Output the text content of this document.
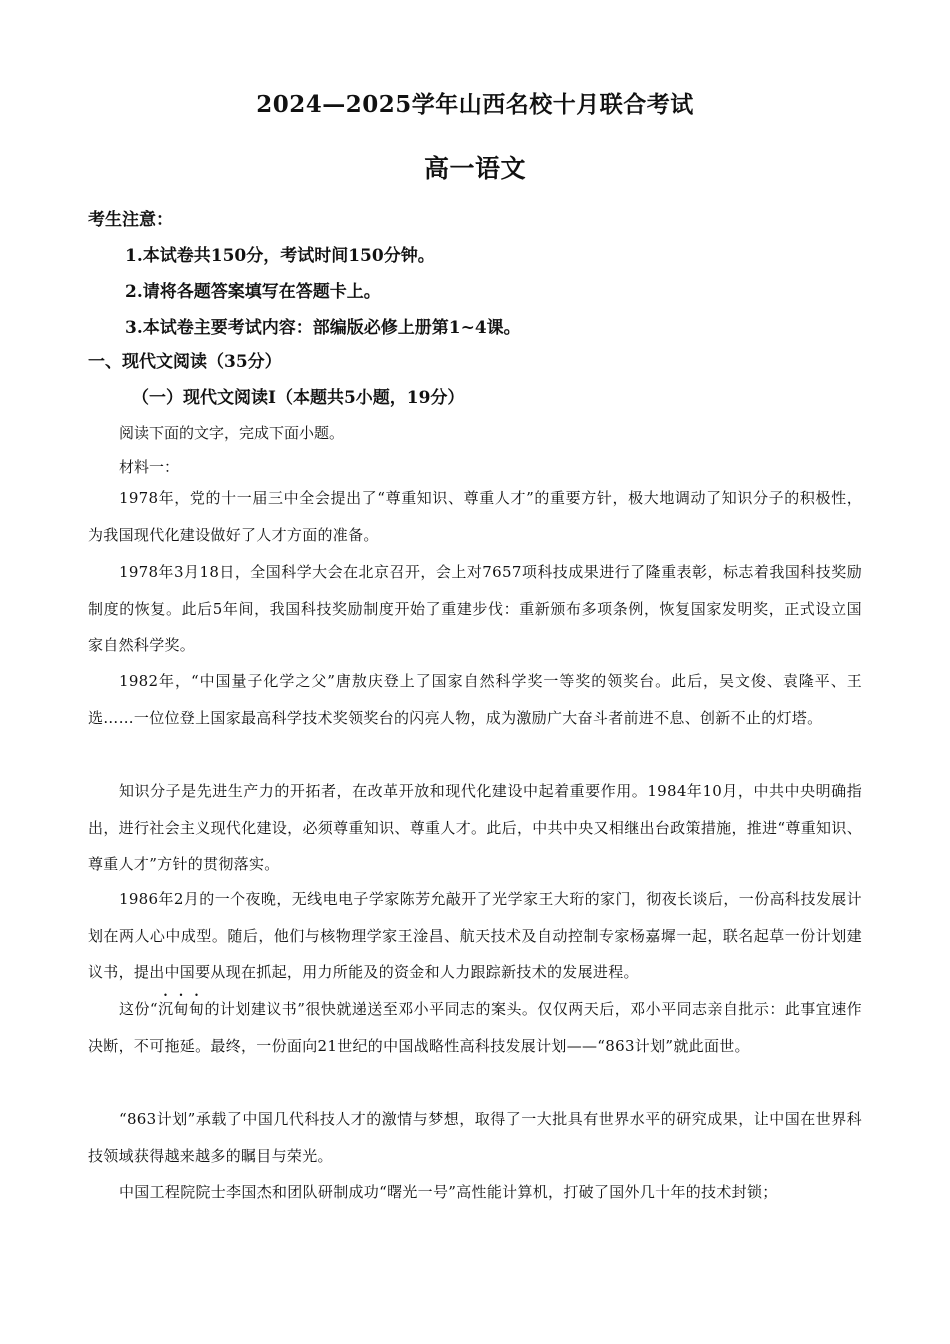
2024—2025学年山西名校十月联合考试
高一语文
考生注意：
1.本试卷共150分，考试时间150分钟。
2.请将各题答案填写在答题卡上。
3.本试卷主要考试内容：部编版必修上册第1~4课。
一、现代文阅读（35分）
（一）现代文阅读Ⅰ（本题共5小题，19分）
阅读下面的文字，完成下面小题。
材料一：
1978年，党的十一届三中全会提出了“尊重知识、尊重人才”的重要方针，极大地调动了知识分子的积极性，为我国现代化建设做好了人才方面的准备。
1978年3月18日，全国科学大会在北京召开，会上对7657项科技成果进行了隆重表彰，标志着我国科技奖励制度的恢复。此后5年间，我国科技奖励制度开始了重建步伐：重新颁布多项条例，恢复国家发明奖，正式设立国家自然科学奖。
1982年，“中国量子化学之父”唐敖庆登上了国家自然科学奖一等奖的领奖台。此后，吴文俊、袁隆平、王选……一位位登上国家最高科学技术奖领奖台的闪亮人物，成为激励广大奋斗者前进不息、创新不止的灯塔。
知识分子是先进生产力的开拓者，在改革开放和现代化建设中起着重要作用。1984年10月，中共中央明确指出，进行社会主义现代化建设，必须尊重知识、尊重人才。此后，中共中央又相继出台政策措施，推进“尊重知识、尊重人才”方针的贯彻落实。
1986年2月的一个夜晚，无线电电子学家陈芳允敲开了光学家王大珩的家门，彻夜长谈后，一份高科技发展计划在两人心中成型。随后，他们与核物理学家王淦昌、航天技术及自动控制专家杨嘉墀一起，联名起草一份计划建议书，提出中国要从现在抓起，用力所能及的资金和人力跟踪新技术的发展进程。
这份“沉甸甸的计划建议书”很快就递送至邓小平同志的案头。仅仅两天后，邓小平同志亲自批示：此事宜速作决断，不可拖延。最终，一份面向21世纪的中国战略性高科技发展计划——“863计划”就此面世。
“863计划”承载了中国几代科技人才的激情与梦想，取得了一大批具有世界水平的研究成果，让中国在世界科技领域获得越来越多的瞩目与荣光。
中国工程院院士李国杰和团队研制成功“曙光一号”高性能计算机，打破了国外几十年的技术封锁；
